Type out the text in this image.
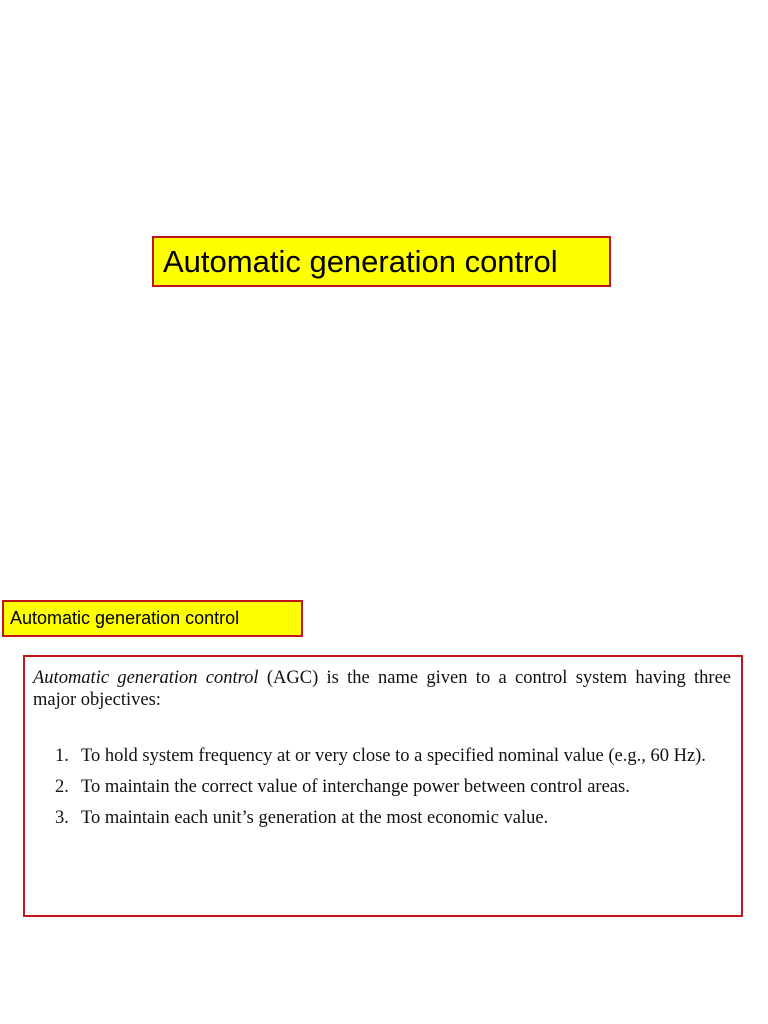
Automatic generation control
Automatic generation control
Automatic generation control (AGC) is the name given to a control system having three major objectives:
1. To hold system frequency at or very close to a specified nominal value (e.g., 60 Hz).
2. To maintain the correct value of interchange power between control areas.
3. To maintain each unit’s generation at the most economic value.
